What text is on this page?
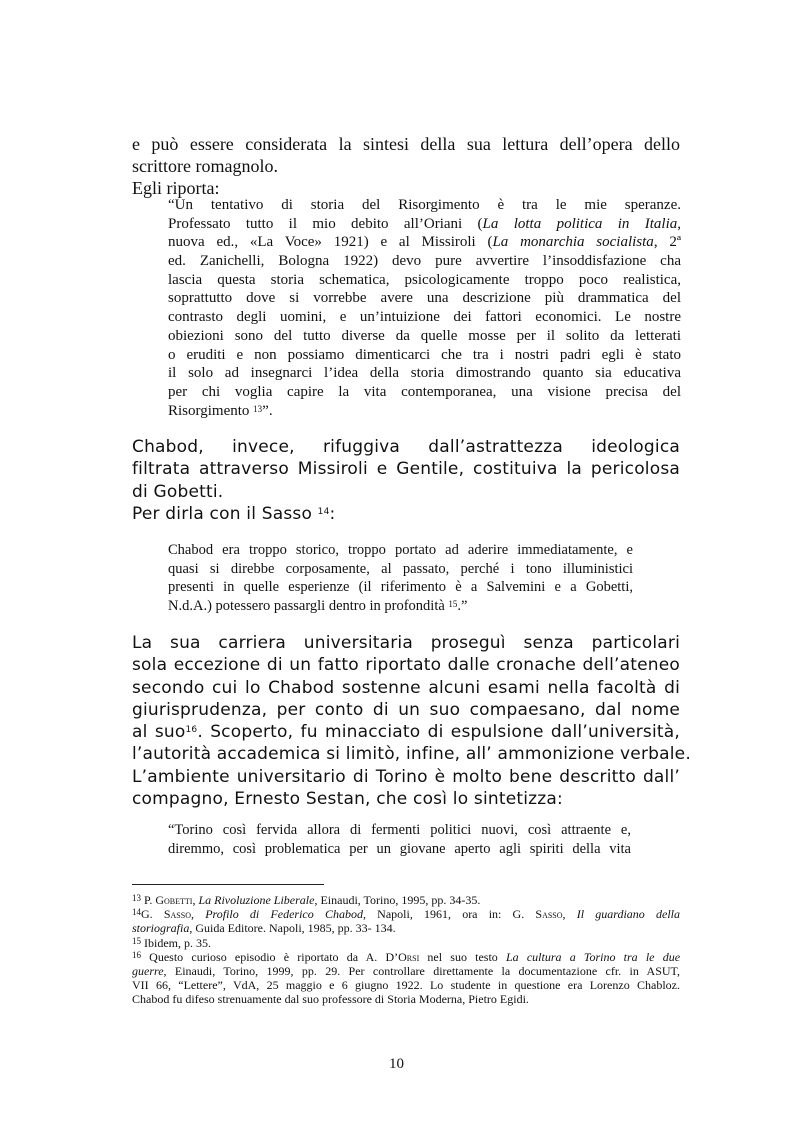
e può essere considerata la sintesi della sua lettura dell’opera dello
scrittore romagnolo.
Egli riporta:
“Un tentativo di storia del Risorgimento è tra le mie speranze.
Professato tutto il mio debito all’Oriani (La lotta politica in Italia,
nuova ed., «La Voce» 1921) e al Missiroli (La monarchia socialista, 2ª
ed. Zanichelli, Bologna 1922) devo pure avvertire l’insoddisfazione cha
lascia questa storia schematica, psicologicamente troppo poco realistica,
soprattutto dove si vorrebbe avere una descrizione più drammatica del
contrasto degli uomini, e un’intuizione dei fattori economici. Le nostre
obiezioni sono del tutto diverse da quelle mosse per il solito da letterati
o eruditi e non possiamo dimenticarci che tra i nostri padri egli è stato
il solo ad insegnarci l’idea della storia dimostrando quanto sia educativa
per chi voglia capire la vita contemporanea, una visione precisa del
Risorgimento $^{13}$”.
Chabod, invece, rifuggiva dall’astrattezza ideologica
filtrata attraverso Missiroli e Gentile, costituiva la pericolosa
di Gobetti.
Per dirla con il Sasso $^{14}$:
Chabod era troppo storico, troppo portato ad aderire immediatamente, e
quasi si direbbe corposamente, al passato, perché i tono illuministici
presenti in quelle esperienze (il riferimento è a Salvemini e a Gobetti,
N.d.A.) potessero passargli dentro in profondità $^{15}$.”
La sua carriera universitaria proseguì senza particolari
sola eccezione di un fatto riportato dalle cronache dell’ateneo
secondo cui lo Chabod sostenne alcuni esami nella facoltà di
giurisprudenza, per conto di un suo compaesano, dal nome
al suo$^{16}$. Scoperto, fu minacciato di espulsione dall’università,
l’autorità accademica si limitò, infine, all’ ammonizione verbale.
L’ambiente universitario di Torino è molto bene descritto dall’
compagno, Ernesto Sestan, che così lo sintetizza:
“Torino così fervida allora di fermenti politici nuovi, così attraente e,
diremmo, così problematica per un giovane aperto agli spiriti della vita
$^{13}$ P. Gobetti, La Rivoluzione Liberale, Einaudi, Torino, 1995, pp. 34-35.
$^{14}$G. Sasso, Profilo di Federico Chabod, Napoli, 1961, ora in: G. Sasso, Il guardiano della
storiografia, Guida Editore. Napoli, 1985, pp. 33- 134.
$^{15}$ Ibidem, p. 35.
$^{16}$ Questo curioso episodio è riportato da A. D’Orsi nel suo testo La cultura a Torino tra le due
guerre, Einaudi, Torino, 1999, pp. 29. Per controllare direttamente la documentazione cfr. in ASUT,
VII 66, “Lettere”, VdA, 25 maggio e 6 giugno 1922. Lo studente in questione era Lorenzo Chabloz.
Chabod fu difeso strenuamente dal suo professore di Storia Moderna, Pietro Egidi.
10
